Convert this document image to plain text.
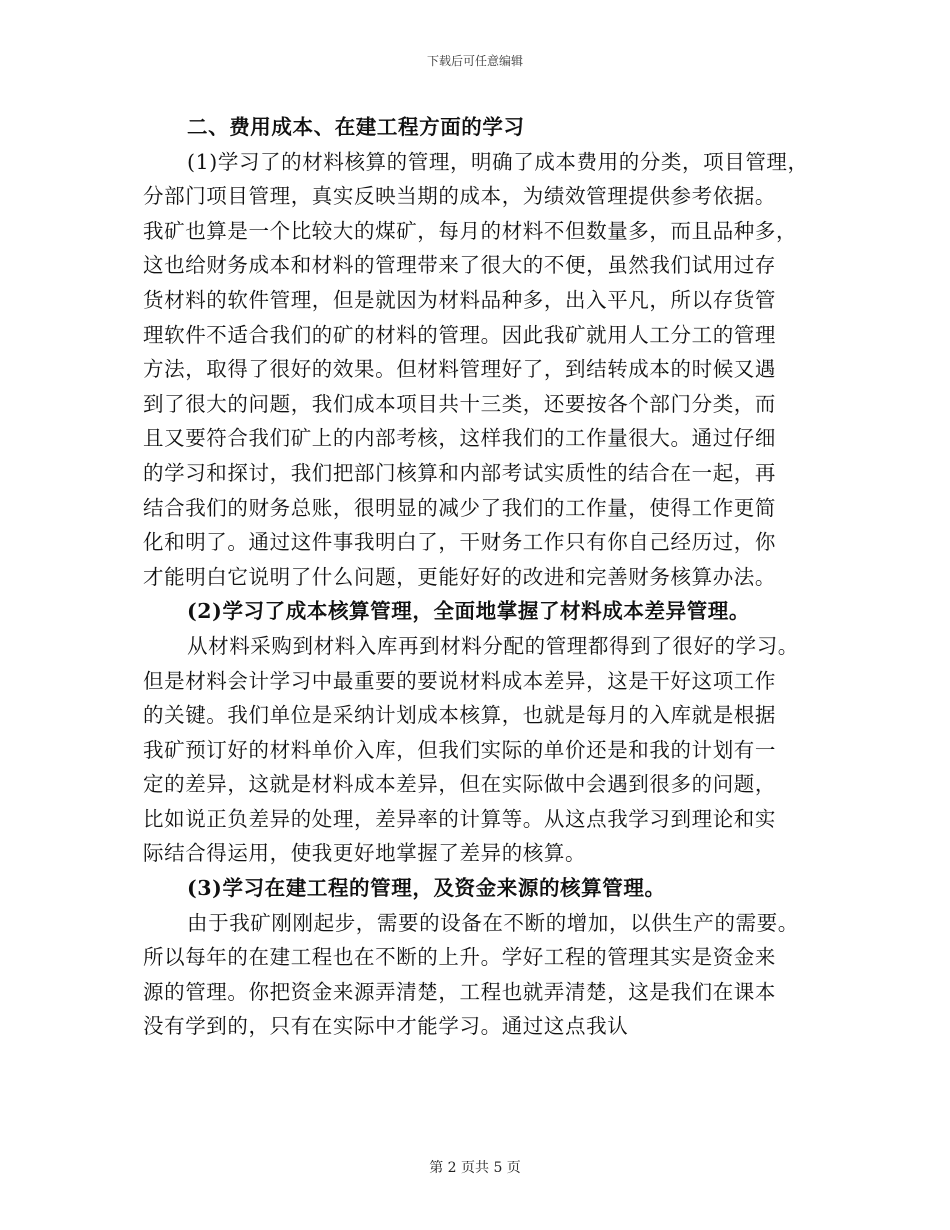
下载后可任意编辑
二、费用成本、在建工程方面的学习
(1)学习了的材料核算的管理，明确了成本费用的分类，项目管理，
分部门项目管理，真实反映当期的成本，为绩效管理提供参考依据。
我矿也算是一个比较大的煤矿，每月的材料不但数量多，而且品种多，
这也给财务成本和材料的管理带来了很大的不便，虽然我们试用过存
货材料的软件管理，但是就因为材料品种多，出入平凡，所以存货管
理软件不适合我们的矿的材料的管理。因此我矿就用人工分工的管理
方法，取得了很好的效果。但材料管理好了，到结转成本的时候又遇
到了很大的问题，我们成本项目共十三类，还要按各个部门分类，而
且又要符合我们矿上的内部考核，这样我们的工作量很大。通过仔细
的学习和探讨，我们把部门核算和内部考试实质性的结合在一起，再
结合我们的财务总账，很明显的减少了我们的工作量，使得工作更简
化和明了。通过这件事我明白了，干财务工作只有你自己经历过，你
才能明白它说明了什么问题，更能好好的改进和完善财务核算办法。
(2)学习了成本核算管理，全面地掌握了材料成本差异管理。
从材料采购到材料入库再到材料分配的管理都得到了很好的学习。
但是材料会计学习中最重要的要说材料成本差异，这是干好这项工作
的关键。我们单位是采纳计划成本核算，也就是每月的入库就是根据
我矿预订好的材料单价入库，但我们实际的单价还是和我的计划有一
定的差异，这就是材料成本差异，但在实际做中会遇到很多的问题，
比如说正负差异的处理，差异率的计算等。从这点我学习到理论和实
际结合得运用，使我更好地掌握了差异的核算。
(3)学习在建工程的管理，及资金来源的核算管理。
由于我矿刚刚起步，需要的设备在不断的增加，以供生产的需要。
所以每年的在建工程也在不断的上升。学好工程的管理其实是资金来
源的管理。你把资金来源弄清楚，工程也就弄清楚，这是我们在课本
没有学到的，只有在实际中才能学习。通过这点我认
第 2 页共 5 页
